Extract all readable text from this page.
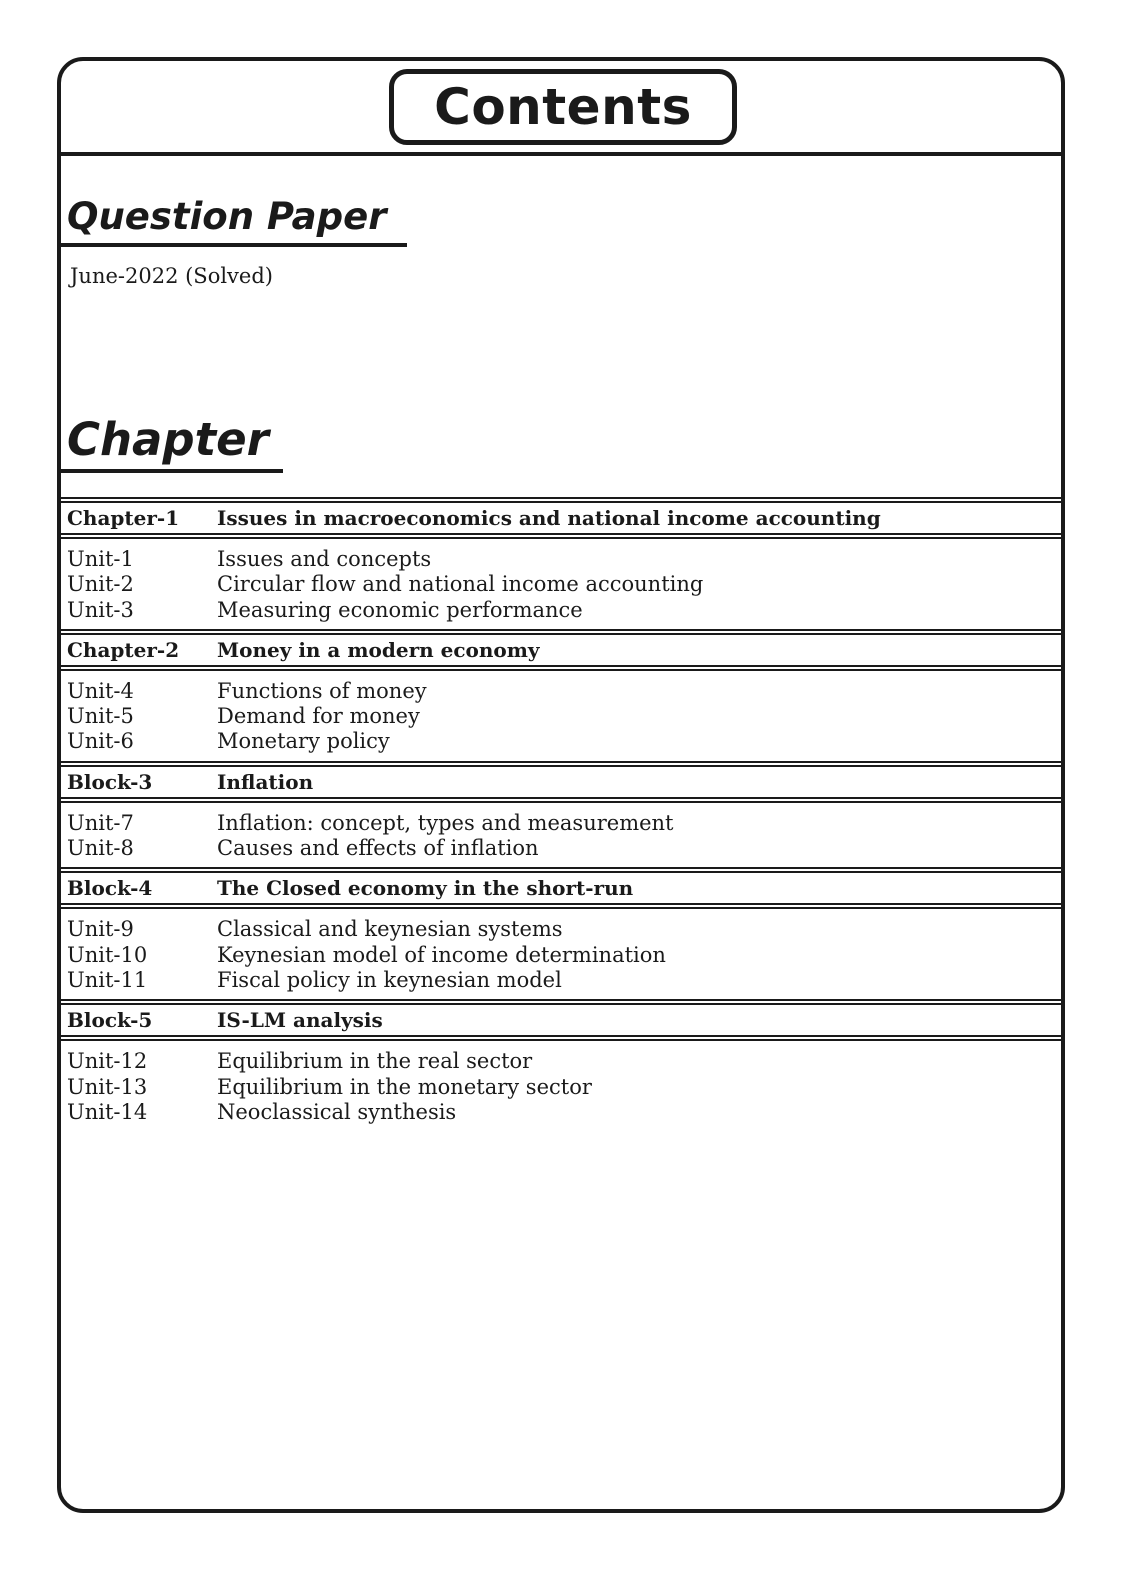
Contents
Question Paper
June-2022 (Solved)
Chapter
Chapter-1	Issues in macroeconomics and national income accounting
Unit-1	Issues and concepts
Unit-2	Circular flow and national income accounting
Unit-3	Measuring economic performance
Chapter-2	Money in a modern economy
Unit-4	Functions of money
Unit-5	Demand for money
Unit-6	Monetary policy
Block-3	Inflation
Unit-7	Inflation: concept, types and measurement
Unit-8	Causes and effects of inflation
Block-4	The Closed economy in the short-run
Unit-9	Classical and keynesian systems
Unit-10	Keynesian model of income determination
Unit-11	Fiscal policy in keynesian model
Block-5	IS-LM analysis
Unit-12	Equilibrium in the real sector
Unit-13	Equilibrium in the monetary sector
Unit-14	Neoclassical synthesis
